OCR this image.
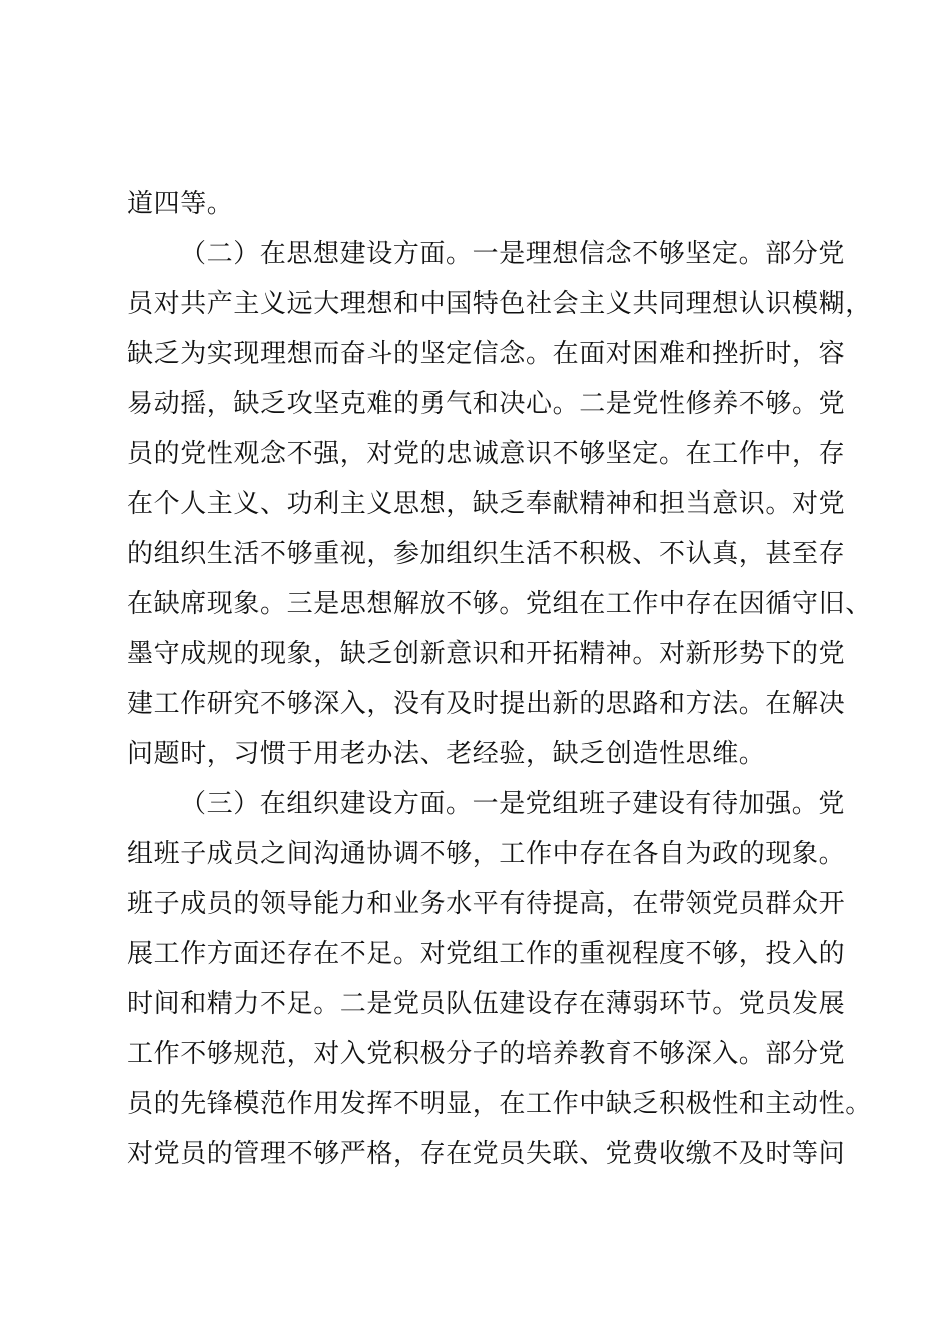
道四等。
（二）在思想建设方面。一是理想信念不够坚定。部分党
员对共产主义远大理想和中国特色社会主义共同理想认识模糊，
缺乏为实现理想而奋斗的坚定信念。在面对困难和挫折时，容
易动摇，缺乏攻坚克难的勇气和决心。二是党性修养不够。党
员的党性观念不强，对党的忠诚意识不够坚定。在工作中，存
在个人主义、功利主义思想，缺乏奉献精神和担当意识。对党
的组织生活不够重视，参加组织生活不积极、不认真，甚至存
在缺席现象。三是思想解放不够。党组在工作中存在因循守旧、
墨守成规的现象，缺乏创新意识和开拓精神。对新形势下的党
建工作研究不够深入，没有及时提出新的思路和方法。在解决
问题时，习惯于用老办法、老经验，缺乏创造性思维。
（三）在组织建设方面。一是党组班子建设有待加强。党
组班子成员之间沟通协调不够，工作中存在各自为政的现象。
班子成员的领导能力和业务水平有待提高，在带领党员群众开
展工作方面还存在不足。对党组工作的重视程度不够，投入的
时间和精力不足。二是党员队伍建设存在薄弱环节。党员发展
工作不够规范，对入党积极分子的培养教育不够深入。部分党
员的先锋模范作用发挥不明显，在工作中缺乏积极性和主动性。
对党员的管理不够严格，存在党员失联、党费收缴不及时等问
